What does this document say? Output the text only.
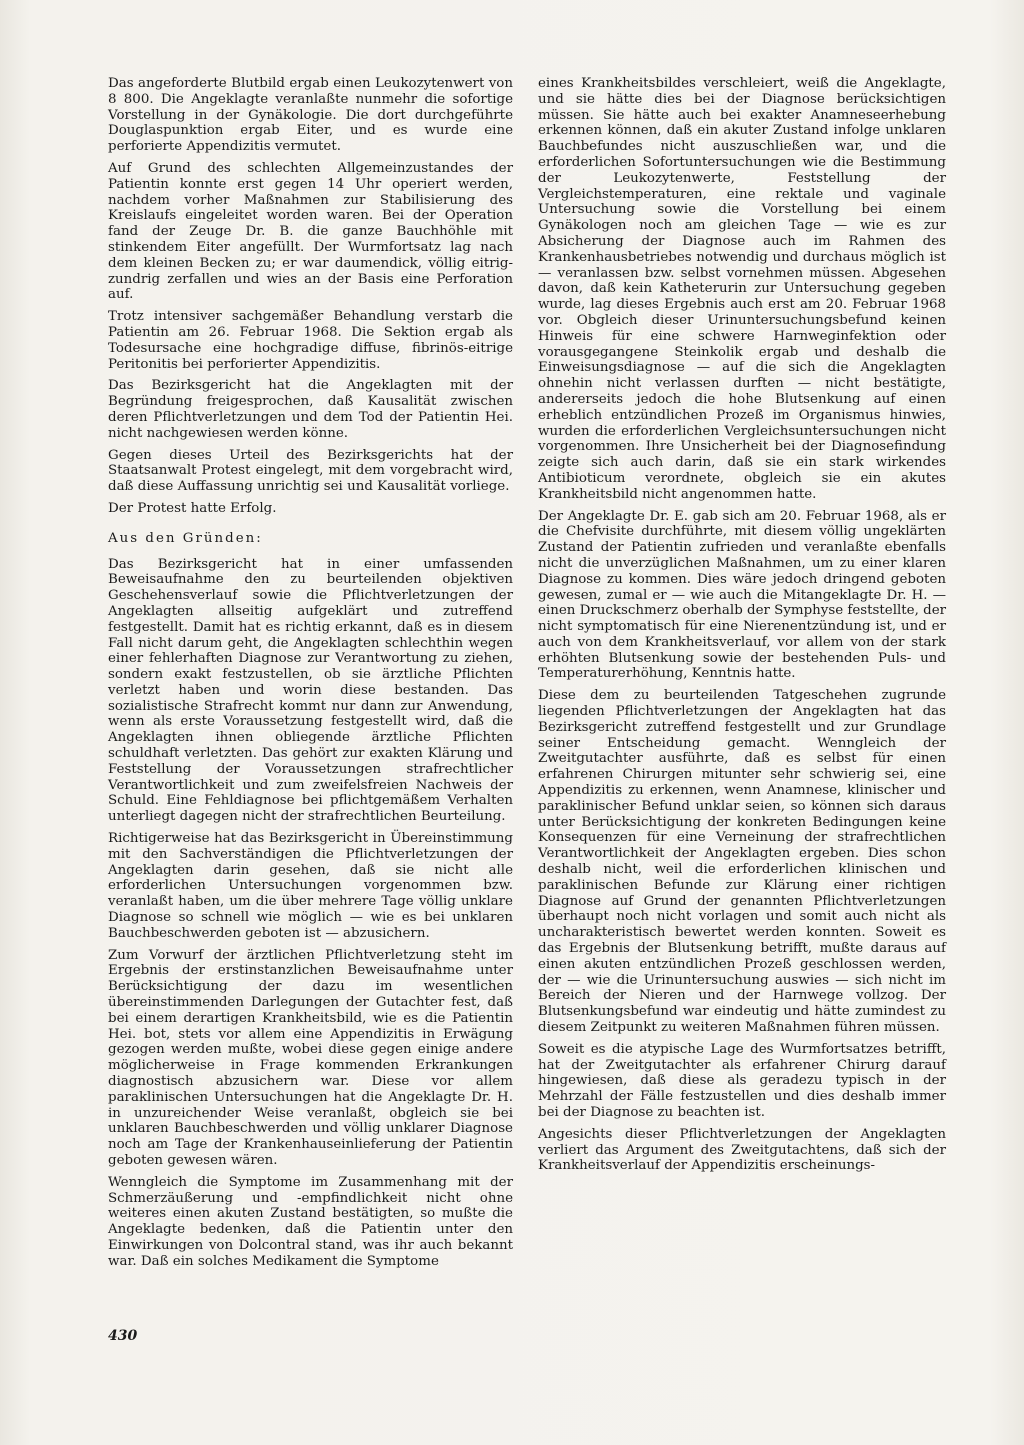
Das angeforderte Blutbild ergab einen Leukozytenwert von 8 800. Die Angeklagte veranlaßte nunmehr die sofortige Vorstellung in der Gynäkologie. Die dort durchgeführte Douglaspunktion ergab Eiter, und es wurde eine perforierte Appendizitis vermutet.

Auf Grund des schlechten Allgemeinzustandes der Patientin konnte erst gegen 14 Uhr operiert werden, nachdem vorher Maßnahmen zur Stabilisierung des Kreislaufs eingeleitet worden waren. Bei der Operation fand der Zeuge Dr. B. die ganze Bauchhöhle mit stinkendem Eiter angefüllt. Der Wurmfortsatz lag nach dem kleinen Becken zu; er war daumendick, völlig eitrig-zundrig zerfallen und wies an der Basis eine Perforation auf.

Trotz intensiver sachgemäßer Behandlung verstarb die Patientin am 26. Februar 1968. Die Sektion ergab als Todesursache eine hochgradige diffuse, fibrinös-eitrige Peritonitis bei perforierter Appendizitis.

Das Bezirksgericht hat die Angeklagten mit der Begründung freigesprochen, daß Kausalität zwischen deren Pflichtverletzungen und dem Tod der Patientin Hei. nicht nachgewiesen werden könne.

Gegen dieses Urteil des Bezirksgerichts hat der Staatsanwalt Protest eingelegt, mit dem vorgebracht wird, daß diese Auffassung unrichtig sei und Kausalität vorliege.

Der Protest hatte Erfolg.

Aus den Gründen:

Das Bezirksgericht hat in einer umfassenden Beweisaufnahme den zu beurteilenden objektiven Geschehensverlauf sowie die Pflichtverletzungen der Angeklagten allseitig aufgeklärt und zutreffend festgestellt. Damit hat es richtig erkannt, daß es in diesem Fall nicht darum geht, die Angeklagten schlechthin wegen einer fehlerhaften Diagnose zur Verantwortung zu ziehen, sondern exakt festzustellen, ob sie ärztliche Pflichten verletzt haben und worin diese bestanden. Das sozialistische Strafrecht kommt nur dann zur Anwendung, wenn als erste Voraussetzung festgestellt wird, daß die Angeklagten ihnen obliegende ärztliche Pflichten schuldhaft verletzten. Das gehört zur exakten Klärung und Feststellung der Voraussetzungen strafrechtlicher Verantwortlichkeit und zum zweifelsfreien Nachweis der Schuld. Eine Fehldiagnose bei pflichtgemäßem Verhalten unterliegt dagegen nicht der strafrechtlichen Beurteilung.

Richtigerweise hat das Bezirksgericht in Übereinstimmung mit den Sachverständigen die Pflichtverletzungen der Angeklagten darin gesehen, daß sie nicht alle erforderlichen Untersuchungen vorgenommen bzw. veranlaßt haben, um die über mehrere Tage völlig unklare Diagnose so schnell wie möglich — wie es bei unklaren Bauchbeschwerden geboten ist — abzusichern.

Zum Vorwurf der ärztlichen Pflichtverletzung steht im Ergebnis der erstinstanzlichen Beweisaufnahme unter Berücksichtigung der dazu im wesentlichen übereinstimmenden Darlegungen der Gutachter fest, daß bei einem derartigen Krankheitsbild, wie es die Patientin Hei. bot, stets vor allem eine Appendizitis in Erwägung gezogen werden mußte, wobei diese gegen einige andere möglicherweise in Frage kommenden Erkrankungen diagnostisch abzusichern war. Diese vor allem paraklinischen Untersuchungen hat die Angeklagte Dr. H. in unzureichender Weise veranlaßt, obgleich sie bei unklaren Bauchbeschwerden und völlig unklarer Diagnose noch am Tage der Krankenhauseinlieferung der Patientin geboten gewesen wären.

Wenngleich die Symptome im Zusammenhang mit der Schmerzäußerung und -empfindlichkeit nicht ohne weiteres einen akuten Zustand bestätigten, so mußte die Angeklagte bedenken, daß die Patientin unter den Einwirkungen von Dolcontral stand, was ihr auch bekannt war. Daß ein solches Medikament die Symptome

eines Krankheitsbildes verschleiert, weiß die Angeklagte, und sie hätte dies bei der Diagnose berücksichtigen müssen. Sie hätte auch bei exakter Anamneseerhebung erkennen können, daß ein akuter Zustand infolge unklaren Bauchbefundes nicht auszuschließen war, und die erforderlichen Sofortuntersuchungen wie die Bestimmung der Leukozytenwerte, Feststellung der Vergleichstemperaturen, eine rektale und vaginale Untersuchung sowie die Vorstellung bei einem Gynäkologen noch am gleichen Tage — wie es zur Absicherung der Diagnose auch im Rahmen des Krankenhausbetriebes notwendig und durchaus möglich ist — veranlassen bzw. selbst vornehmen müssen. Abgesehen davon, daß kein Katheterurin zur Untersuchung gegeben wurde, lag dieses Ergebnis auch erst am 20. Februar 1968 vor. Obgleich dieser Urinuntersuchungsbefund keinen Hinweis für eine schwere Harnweginfektion oder vorausgegangene Steinkolik ergab und deshalb die Einweisungsdiagnose — auf die sich die Angeklagten ohnehin nicht verlassen durften — nicht bestätigte, andererseits jedoch die hohe Blutsenkung auf einen erheblich entzündlichen Prozeß im Organismus hinwies, wurden die erforderlichen Vergleichsuntersuchungen nicht vorgenommen. Ihre Unsicherheit bei der Diagnosefindung zeigte sich auch darin, daß sie ein stark wirkendes Antibioticum verordnete, obgleich sie ein akutes Krankheitsbild nicht angenommen hatte.

Der Angeklagte Dr. E. gab sich am 20. Februar 1968, als er die Chefvisite durchführte, mit diesem völlig ungeklärten Zustand der Patientin zufrieden und veranlaßte ebenfalls nicht die unverzüglichen Maßnahmen, um zu einer klaren Diagnose zu kommen. Dies wäre jedoch dringend geboten gewesen, zumal er — wie auch die Mitangeklagte Dr. H. — einen Druckschmerz oberhalb der Symphyse feststellte, der nicht symptomatisch für eine Nierenentzündung ist, und er auch von dem Krankheitsverlauf, vor allem von der stark erhöhten Blutsenkung sowie der bestehenden Puls- und Temperaturerhöhung, Kenntnis hatte.

Diese dem zu beurteilenden Tatgeschehen zugrunde liegenden Pflichtverletzungen der Angeklagten hat das Bezirksgericht zutreffend festgestellt und zur Grundlage seiner Entscheidung gemacht. Wenngleich der Zweitgutachter ausführte, daß es selbst für einen erfahrenen Chirurgen mitunter sehr schwierig sei, eine Appendizitis zu erkennen, wenn Anamnese, klinischer und paraklinischer Befund unklar seien, so können sich daraus unter Berücksichtigung der konkreten Bedingungen keine Konsequenzen für eine Verneinung der strafrechtlichen Verantwortlichkeit der Angeklagten ergeben. Dies schon deshalb nicht, weil die erforderlichen klinischen und paraklinischen Befunde zur Klärung einer richtigen Diagnose auf Grund der genannten Pflichtverletzungen überhaupt noch nicht vorlagen und somit auch nicht als uncharakteristisch bewertet werden konnten. Soweit es das Ergebnis der Blutsenkung betrifft, mußte daraus auf einen akuten entzündlichen Prozeß geschlossen werden, der — wie die Urinuntersuchung auswies — sich nicht im Bereich der Nieren und der Harnwege vollzog. Der Blutsenkungsbefund war eindeutig und hätte zumindest zu diesem Zeitpunkt zu weiteren Maßnahmen führen müssen.

Soweit es die atypische Lage des Wurmfortsatzes betrifft, hat der Zweitgutachter als erfahrener Chirurg darauf hingewiesen, daß diese als geradezu typisch in der Mehrzahl der Fälle festzustellen und dies deshalb immer bei der Diagnose zu beachten ist.

Angesichts dieser Pflichtverletzungen der Angeklagten verliert das Argument des Zweitgutachtens, daß sich der Krankheitsverlauf der Appendizitis erscheinungs-

430
